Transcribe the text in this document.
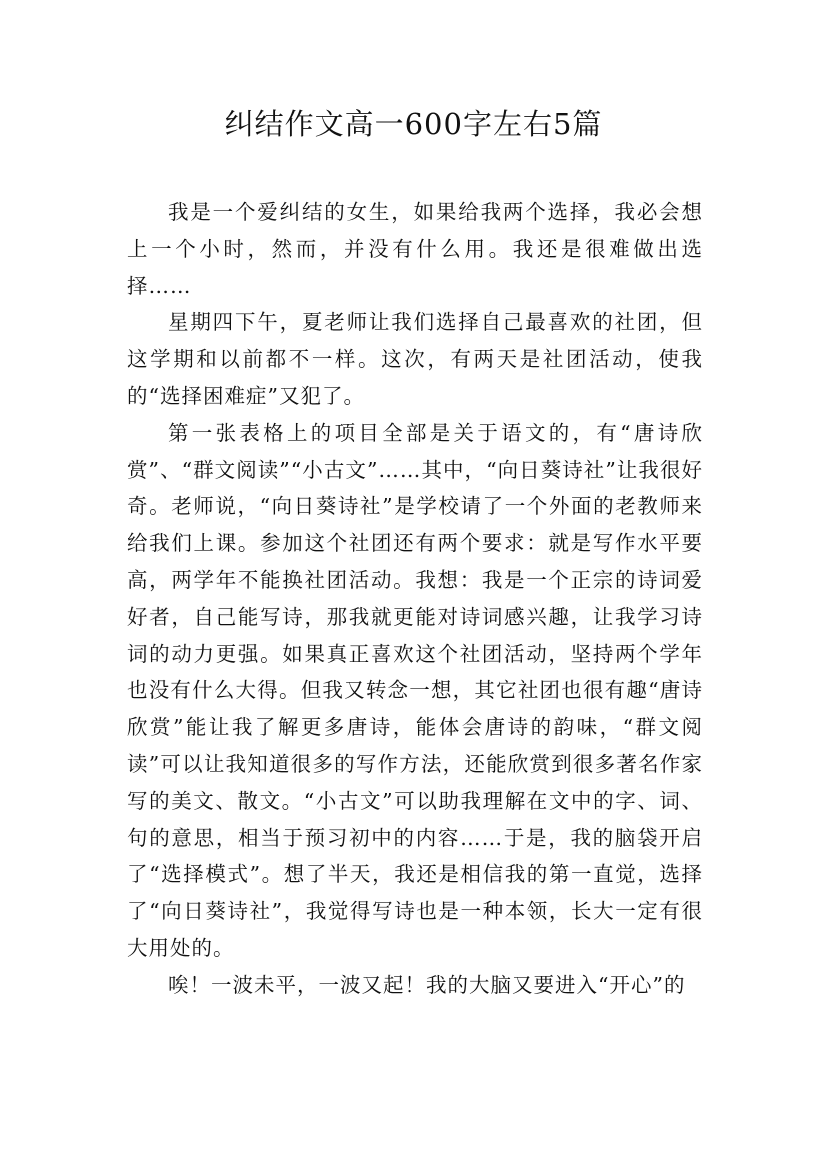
纠结作文高一600字左右5篇

我是一个爱纠结的女生，如果给我两个选择，我必会想上一个小时，然而，并没有什么用。我还是很难做出选择……

星期四下午，夏老师让我们选择自己最喜欢的社团，但这学期和以前都不一样。这次，有两天是社团活动，使我的“选择困难症”又犯了。

第一张表格上的项目全部是关于语文的，有“唐诗欣赏”、“群文阅读”“小古文”……其中，“向日葵诗社”让我很好奇。老师说，“向日葵诗社”是学校请了一个外面的老教师来给我们上课。参加这个社团还有两个要求：就是写作水平要高，两学年不能换社团活动。我想：我是一个正宗的诗词爱好者，自己能写诗，那我就更能对诗词感兴趣，让我学习诗词的动力更强。如果真正喜欢这个社团活动，坚持两个学年也没有什么大得。但我又转念一想，其它社团也很有趣“唐诗欣赏”能让我了解更多唐诗，能体会唐诗的韵味，“群文阅读”可以让我知道很多的写作方法，还能欣赏到很多著名作家写的美文、散文。“小古文”可以助我理解在文中的字、词、句的意思，相当于预习初中的内容……于是，我的脑袋开启了“选择模式”。想了半天，我还是相信我的第一直觉，选择了“向日葵诗社”，我觉得写诗也是一种本领，长大一定有很大用处的。

唉！一波未平，一波又起！我的大脑又要进入“开心”的
